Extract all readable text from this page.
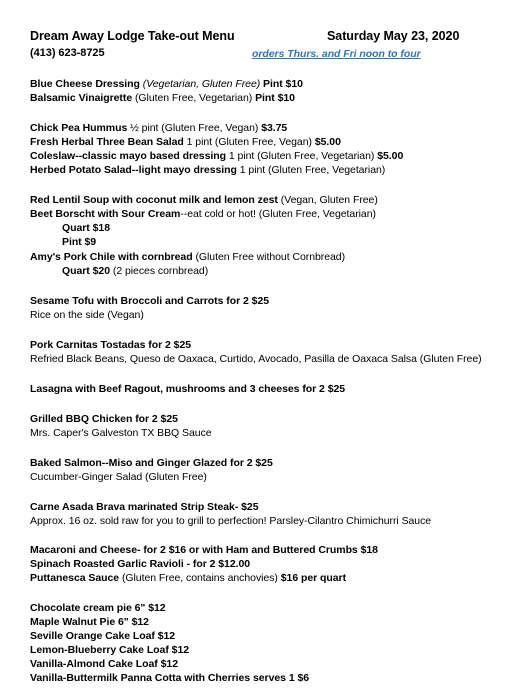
Dream Away Lodge Take-out Menu	Saturday May 23, 2020
(413) 623-8725	orders Thurs. and Fri noon to four
Blue Cheese Dressing (Vegetarian, Gluten Free) Pint $10
Balsamic Vinaigrette (Gluten Free, Vegetarian) Pint $10
Chick Pea Hummus ½ pint (Gluten Free, Vegan) $3.75
Fresh Herbal Three Bean Salad 1 pint (Gluten Free, Vegan) $5.00
Coleslaw--classic mayo based dressing 1 pint (Gluten Free, Vegetarian) $5.00
Herbed Potato Salad--light mayo dressing 1 pint (Gluten Free, Vegetarian)
Red Lentil Soup with coconut milk and lemon zest (Vegan, Gluten Free)
Beet Borscht with Sour Cream--eat cold or hot! (Gluten Free, Vegetarian)
Quart $18
Pint $9
Amy's Pork Chile with cornbread (Gluten Free without Cornbread)
Quart $20 (2 pieces cornbread)
Sesame Tofu with Broccoli and Carrots for 2 $25
Rice on the side (Vegan)
Pork Carnitas Tostadas for 2 $25
Refried Black Beans, Queso de Oaxaca, Curtido, Avocado, Pasilla de Oaxaca Salsa (Gluten Free)
Lasagna with Beef Ragout, mushrooms and 3 cheeses for 2 $25
Grilled BBQ Chicken for 2 $25
Mrs. Caper's Galveston TX BBQ Sauce
Baked Salmon--Miso and Ginger Glazed for 2 $25
Cucumber-Ginger Salad (Gluten Free)
Carne Asada Brava marinated Strip Steak- $25
Approx. 16 oz. sold raw for you to grill to perfection! Parsley-Cilantro Chimichurri Sauce
Macaroni and Cheese- for 2 $16 or with Ham and Buttered Crumbs $18
Spinach Roasted Garlic Ravioli - for 2 $12.00
Puttanesca Sauce (Gluten Free, contains anchovies) $16 per quart
Chocolate cream pie 6" $12
Maple Walnut Pie 6" $12
Seville Orange Cake Loaf $12
Lemon-Blueberry Cake Loaf $12
Vanilla-Almond Cake Loaf $12
Vanilla-Buttermilk Panna Cotta with Cherries serves 1 $6
